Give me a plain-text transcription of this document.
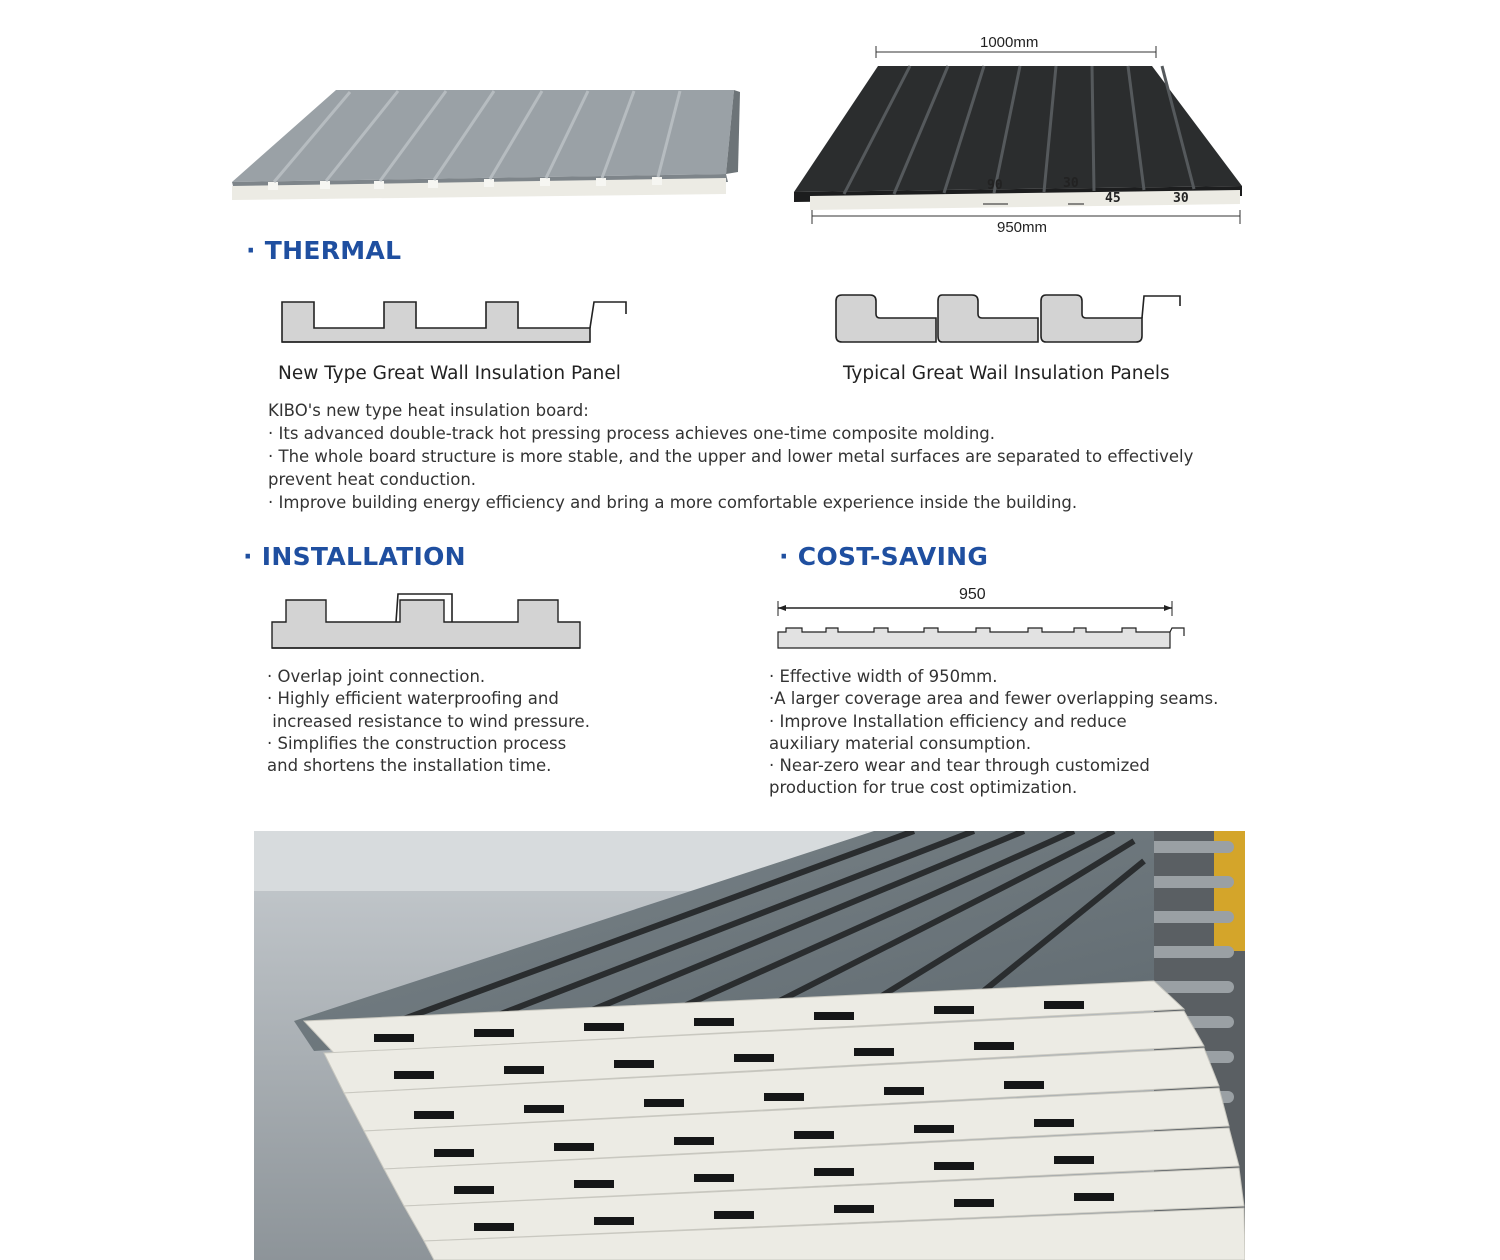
1000mm
90	30
45	30
950mm
· THERMAL
New Type Great Wall Insulation Panel	Typical Great Wail Insulation Panels

KIBO's new type heat insulation board:

· Its advanced double-track hot pressing process achieves one-time composite molding.

· The whole board structure is more stable, and the upper and lower metal surfaces are separated to effectively

prevent heat conduction.

· Improve building energy efficiency and bring a more comfortable experience inside the building.

· INSTALLATION

· Overlap joint connection.

· Highly efficient waterproofing and

increased resistance to wind pressure.

· Simplifies the construction process

and shortens the installation time.

· COST-SAVING
950

· Effective width of 950mm.

·A larger coverage area and fewer overlapping seams.

· Improve Installation efficiency and reduce

auxiliary material consumption.

· Near-zero wear and tear through customized

production for true cost optimization.
